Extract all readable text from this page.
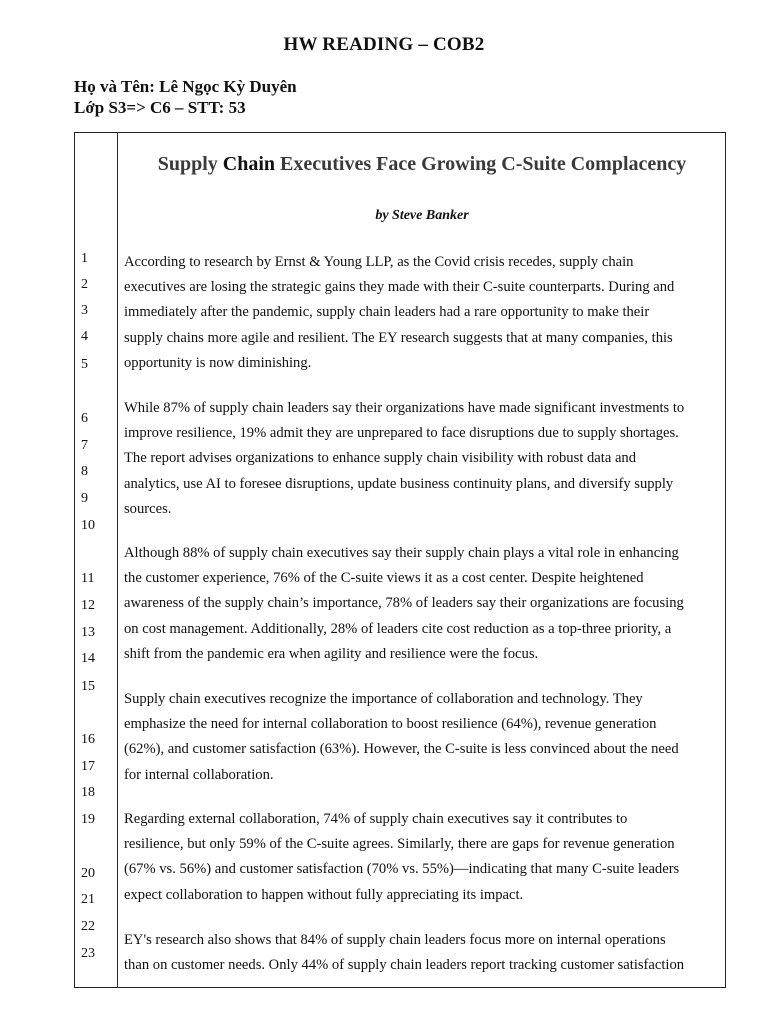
HW READING – COB2
Họ và Tên: Lê Ngọc Kỳ Duyên
Lớp S3=> C6 – STT: 53
1
2
3
4
5
6
7
8
9
10
11
12
13
14
15
16
17
18
19
20
21
22
23
Supply Chain Executives Face Growing C-Suite Complacency
by Steve Banker

According to research by Ernst & Young LLP, as the Covid crisis recedes, supply chain
executives are losing the strategic gains they made with their C-suite counterparts. During and
immediately after the pandemic, supply chain leaders had a rare opportunity to make their
supply chains more agile and resilient. The EY research suggests that at many companies, this
opportunity is now diminishing.

While 87% of supply chain leaders say their organizations have made significant investments to
improve resilience, 19% admit they are unprepared to face disruptions due to supply shortages.
The report advises organizations to enhance supply chain visibility with robust data and
analytics, use AI to foresee disruptions, update business continuity plans, and diversify supply
sources.

Although 88% of supply chain executives say their supply chain plays a vital role in enhancing
the customer experience, 76% of the C-suite views it as a cost center. Despite heightened
awareness of the supply chain’s importance, 78% of leaders say their organizations are focusing
on cost management. Additionally, 28% of leaders cite cost reduction as a top-three priority, a
shift from the pandemic era when agility and resilience were the focus.

Supply chain executives recognize the importance of collaboration and technology. They
emphasize the need for internal collaboration to boost resilience (64%), revenue generation
(62%), and customer satisfaction (63%). However, the C-suite is less convinced about the need
for internal collaboration.

Regarding external collaboration, 74% of supply chain executives say it contributes to
resilience, but only 59% of the C-suite agrees. Similarly, there are gaps for revenue generation
(67% vs. 56%) and customer satisfaction (70% vs. 55%)—indicating that many C-suite leaders
expect collaboration to happen without fully appreciating its impact.

EY's research also shows that 84% of supply chain leaders focus more on internal operations
than on customer needs. Only 44% of supply chain leaders report tracking customer satisfaction
